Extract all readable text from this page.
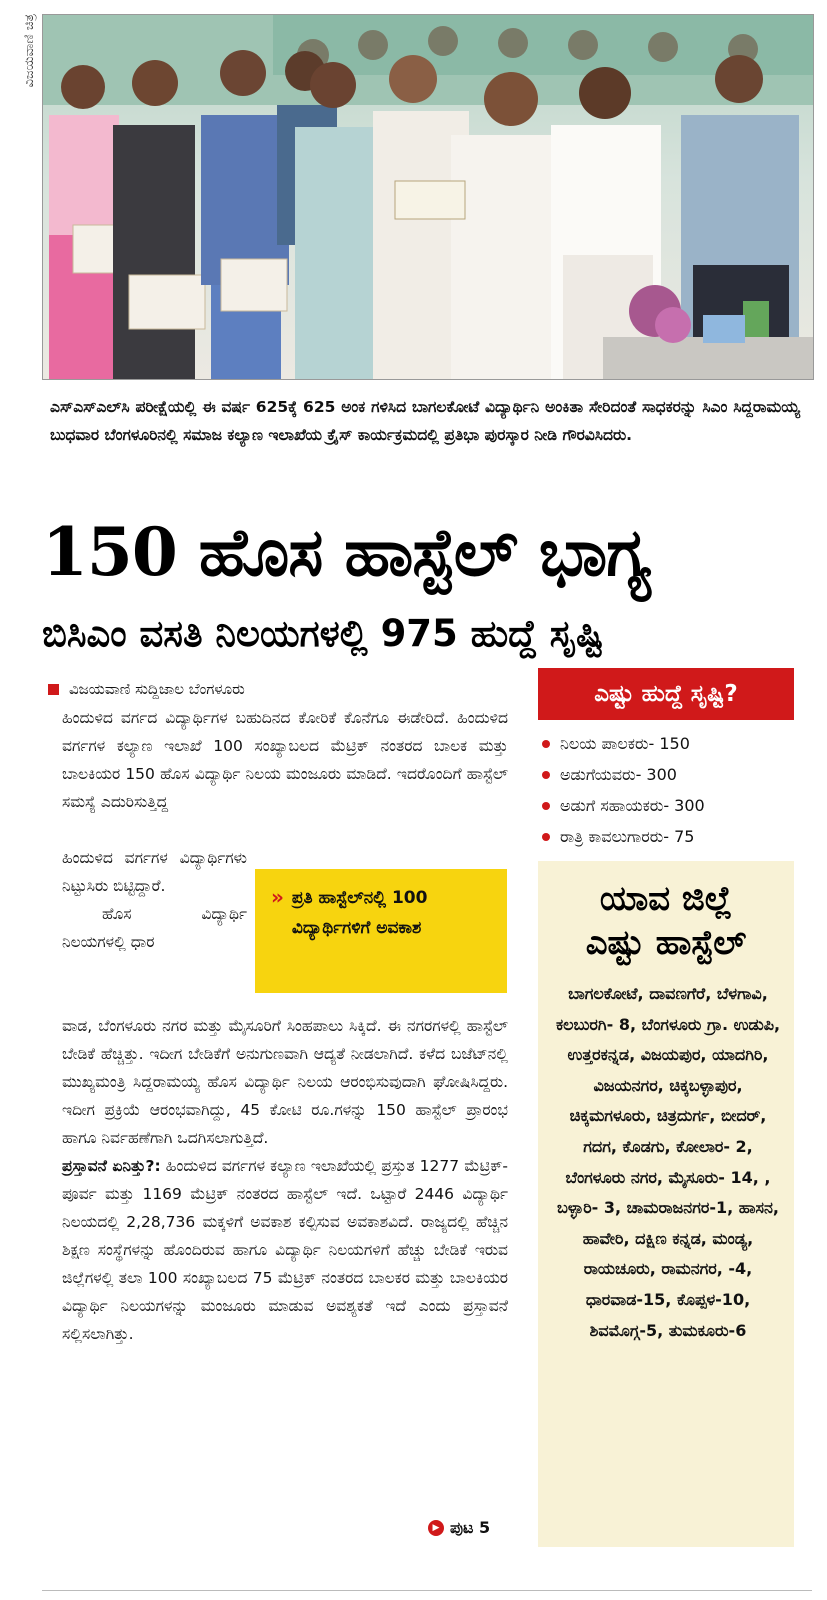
ವಿಜಯವಾಣಿ ಚಿತ್ರ
ಎಸ್‌ಎಸ್‌ಎಲ್‌ಸಿ ಪರೀಕ್ಷೆಯಲ್ಲಿ ಈ ವರ್ಷ 625ಕ್ಕೆ 625 ಅಂಕ ಗಳಿಸಿದ ಬಾಗಲಕೋಟೆ ವಿದ್ಯಾರ್ಥಿನಿ ಅಂಕಿತಾ ಸೇರಿದಂತೆ ಸಾಧಕರನ್ನು ಸಿಎಂ ಸಿದ್ದರಾಮಯ್ಯ ಬುಧವಾರ ಬೆಂಗಳೂರಿನಲ್ಲಿ ಸಮಾಜ ಕಲ್ಯಾಣ ಇಲಾಖೆಯ ಕ್ರೈಸ್ ಕಾರ್ಯಕ್ರಮದಲ್ಲಿ ಪ್ರತಿಭಾ ಪುರಸ್ಕಾರ ನೀಡಿ ಗೌರವಿಸಿದರು.
150 ಹೊಸ ಹಾಸ್ಟೆಲ್ ಭಾಗ್ಯ
ಬಿಸಿಎಂ ವಸತಿ ನಿಲಯಗಳಲ್ಲಿ 975 ಹುದ್ದೆ ಸೃಷ್ಟಿ
ವಿಜಯವಾಣಿ ಸುದ್ದಿಜಾಲ ಬೆಂಗಳೂರು

ಹಿಂದುಳಿದ ವರ್ಗದ ವಿದ್ಯಾರ್ಥಿಗಳ ಬಹುದಿನದ ಕೋರಿಕೆ ಕೊನೆಗೂ ಈಡೇರಿದೆ. ಹಿಂದುಳಿದ ವರ್ಗಗಳ ಕಲ್ಯಾಣ ಇಲಾಖೆ 100 ಸಂಖ್ಯಾಬಲದ ಮೆಟ್ರಿಕ್ ನಂತರದ ಬಾಲಕ ಮತ್ತು ಬಾಲಕಿಯರ 150 ಹೊಸ ವಿದ್ಯಾರ್ಥಿ ನಿಲಯ ಮಂಜೂರು ಮಾಡಿದೆ. ಇದರೊಂದಿಗೆ ಹಾಸ್ಟೆಲ್ ಸಮಸ್ಯೆ ಎದುರಿಸುತ್ತಿದ್ದ

ಹಿಂದುಳಿದ ವರ್ಗಗಳ ವಿದ್ಯಾರ್ಥಿಗಳು ನಿಟ್ಟುಸಿರು ಬಿಟ್ಟಿದ್ದಾರೆ.

ಹೊಸ ವಿದ್ಯಾರ್ಥಿ ನಿಲಯಗಳಲ್ಲಿ ಧಾರ

» ಪ್ರತಿ ಹಾಸ್ಟೆಲ್‌ನಲ್ಲಿ 100 ವಿದ್ಯಾರ್ಥಿಗಳಿಗೆ ಅವಕಾಶ

ವಾಡ, ಬೆಂಗಳೂರು ನಗರ ಮತ್ತು ಮೈಸೂರಿಗೆ ಸಿಂಹಪಾಲು ಸಿಕ್ಕಿದೆ. ಈ ನಗರಗಳಲ್ಲಿ ಹಾಸ್ಟೆಲ್ ಬೇಡಿಕೆ ಹೆಚ್ಚಿತ್ತು. ಇದೀಗ ಬೇಡಿಕೆಗೆ ಅನುಗುಣವಾಗಿ ಆದ್ಯತೆ ನೀಡಲಾಗಿದೆ. ಕಳೆದ ಬಜೆಟ್‌ನಲ್ಲಿ ಮುಖ್ಯಮಂತ್ರಿ ಸಿದ್ದರಾಮಯ್ಯ ಹೊಸ ವಿದ್ಯಾರ್ಥಿ ನಿಲಯ ಆರಂಭಿಸುವುದಾಗಿ ಘೋಷಿಸಿದ್ದರು. ಇದೀಗ ಪ್ರಕ್ರಿಯೆ ಆರಂಭವಾಗಿದ್ದು, 45 ಕೋಟಿ ರೂ.ಗಳನ್ನು 150 ಹಾಸ್ಟೆಲ್ ಪ್ರಾರಂಭ ಹಾಗೂ ನಿರ್ವಹಣೆಗಾಗಿ ಒದಗಿಸಲಾಗುತ್ತಿದೆ.

ಪ್ರಸ್ತಾವನೆ ಏನಿತ್ತು?: ಹಿಂದುಳಿದ ವರ್ಗಗಳ ಕಲ್ಯಾಣ ಇಲಾಖೆಯಲ್ಲಿ ಪ್ರಸ್ತುತ 1277 ಮೆಟ್ರಿಕ್- ಪೂರ್ವ ಮತ್ತು 1169 ಮೆಟ್ರಿಕ್ ನಂತರದ ಹಾಸ್ಟೆಲ್ ಇದೆ. ಒಟ್ಟಾರೆ 2446 ವಿದ್ಯಾರ್ಥಿ ನಿಲಯದಲ್ಲಿ 2,28,736 ಮಕ್ಕಳಿಗೆ ಅವಕಾಶ ಕಲ್ಪಿಸುವ ಅವಕಾಶವಿದೆ. ರಾಜ್ಯದಲ್ಲಿ ಹೆಚ್ಚಿನ ಶಿಕ್ಷಣ ಸಂಸ್ಥೆಗಳನ್ನು ಹೊಂದಿರುವ ಹಾಗೂ ವಿದ್ಯಾರ್ಥಿ ನಿಲಯಗಳಿಗೆ ಹೆಚ್ಚು ಬೇಡಿಕೆ ಇರುವ ಜಿಲ್ಲೆಗಳಲ್ಲಿ ತಲಾ 100 ಸಂಖ್ಯಾಬಲದ 75 ಮೆಟ್ರಿಕ್ ನಂತರದ ಬಾಲಕರ ಮತ್ತು ಬಾಲಕಿಯರ ವಿದ್ಯಾರ್ಥಿ ನಿಲಯಗಳನ್ನು ಮಂಜೂರು ಮಾಡುವ ಅವಶ್ಯಕತೆ ಇದೆ ಎಂದು ಪ್ರಸ್ತಾವನೆ ಸಲ್ಲಿಸಲಾಗಿತ್ತು.

▶ ಪುಟ 5
ಎಷ್ಟು ಹುದ್ದೆ ಸೃಷ್ಟಿ?
ನಿಲಯ ಪಾಲಕರು- 150
ಅಡುಗೆಯವರು- 300
ಅಡುಗೆ ಸಹಾಯಕರು- 300
ರಾತ್ರಿ ಕಾವಲುಗಾರರು- 75
ಯಾವ ಜಿಲ್ಲೆ
ಎಷ್ಟು ಹಾಸ್ಟೆಲ್
ಬಾಗಲಕೋಟೆ, ದಾವಣಗೆರೆ, ಬೆಳಗಾವಿ, ಕಲಬುರಗಿ- 8, ಬೆಂಗಳೂರು ಗ್ರಾ. ಉಡುಪಿ, ಉತ್ತರಕನ್ನಡ, ವಿಜಯಪುರ, ಯಾದಗಿರಿ, ವಿಜಯನಗರ, ಚಿಕ್ಕಬಳ್ಳಾಪುರ, ಚಿಕ್ಕಮಗಳೂರು, ಚಿತ್ರದುರ್ಗ, ಬೀದರ್, ಗದಗ, ಕೊಡಗು, ಕೋಲಾರ- 2, ಬೆಂಗಳೂರು ನಗರ, ಮೈಸೂರು- 14, , ಬಳ್ಳಾರಿ- 3, ಚಾಮರಾಜನಗರ-1, ಹಾಸನ, ಹಾವೇರಿ, ದಕ್ಷಿಣ ಕನ್ನಡ, ಮಂಡ್ಯ, ರಾಯಚೂರು, ರಾಮನಗರ, -4, ಧಾರವಾಡ-15, ಕೊಪ್ಪಳ-10, ಶಿವಮೊಗ್ಗ-5, ತುಮಕೂರು-6
